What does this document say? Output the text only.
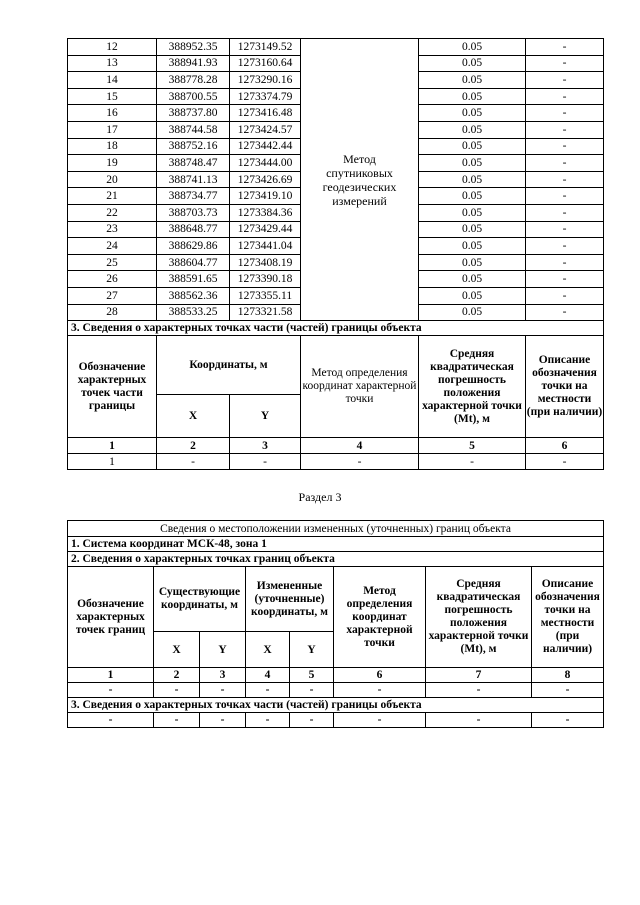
12	388952.35	1273149.52	Метод спутниковых геодезических измерений	0.05	-
13	388941.93	1273160.64		0.05	-
14	388778.28	1273290.16		0.05	-
15	388700.55	1273374.79		0.05	-
16	388737.80	1273416.48		0.05	-
17	388744.58	1273424.57		0.05	-
18	388752.16	1273442.44		0.05	-
19	388748.47	1273444.00		0.05	-
20	388741.13	1273426.69		0.05	-
21	388734.77	1273419.10		0.05	-
22	388703.73	1273384.36		0.05	-
23	388648.77	1273429.44		0.05	-
24	388629.86	1273441.04		0.05	-
25	388604.77	1273408.19		0.05	-
26	388591.65	1273390.18		0.05	-
27	388562.36	1273355.11		0.05	-
28	388533.25	1273321.58		0.05	-
3. Сведения о характерных точках части (частей) границы объекта					
Обозначение характерных точек части границы	Координаты, м		Метод определения координат характерной точки	Средняя квадратическая погрешность положения характерной точки (Mt), м	Описание обозначения точки на местности (при наличии)
	X	Y			
1	2	3	4	5	6
1	-	-	-	-	-
Раздел 3
Сведения о местоположении измененных (уточненных) границ объекта							
1. Система координат МСК-48, зона 1							
2. Сведения о характерных точках границ объекта							
Обозначение характерных точек границ	Существующие координаты, м		Измененные (уточненные) координаты, м		Метод определения координат характерной точки	Средняя квадратическая погрешность положения характерной точки (Mt), м	Описание обозначения точки на местности (при наличии)
	X	Y	X	Y			
1	2	3	4	5	6	7	8
-	-	-	-	-	-	-	-
3. Сведения о характерных точках части (частей) границы объекта							
-	-	-	-	-	-	-	-
